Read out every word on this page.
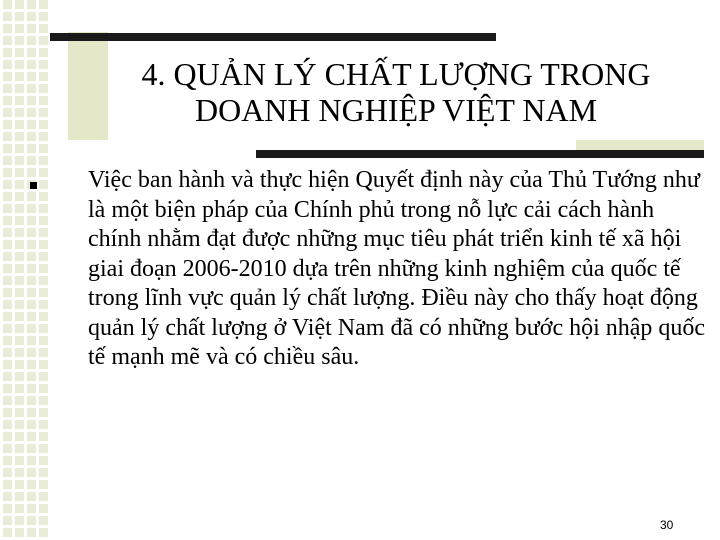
4. QUẢN LÝ CHẤT LƯỢNG TRONG
DOANH NGHIỆP VIỆT NAM

Việc ban hành và thực hiện Quyết định này của Thủ Tướng như là một biện pháp của Chính phủ trong nỗ lực cải cách hành chính nhằm đạt được những mục tiêu phát triển kinh tế xã hội giai đoạn 2006-2010 dựa trên những kinh nghiệm của quốc tế trong lĩnh vực quản lý chất lượng. Điều này cho thấy hoạt động quản lý chất lượng ở Việt Nam đã có những bước hội nhập quốc tế mạnh mẽ và có chiều sâu.

30
